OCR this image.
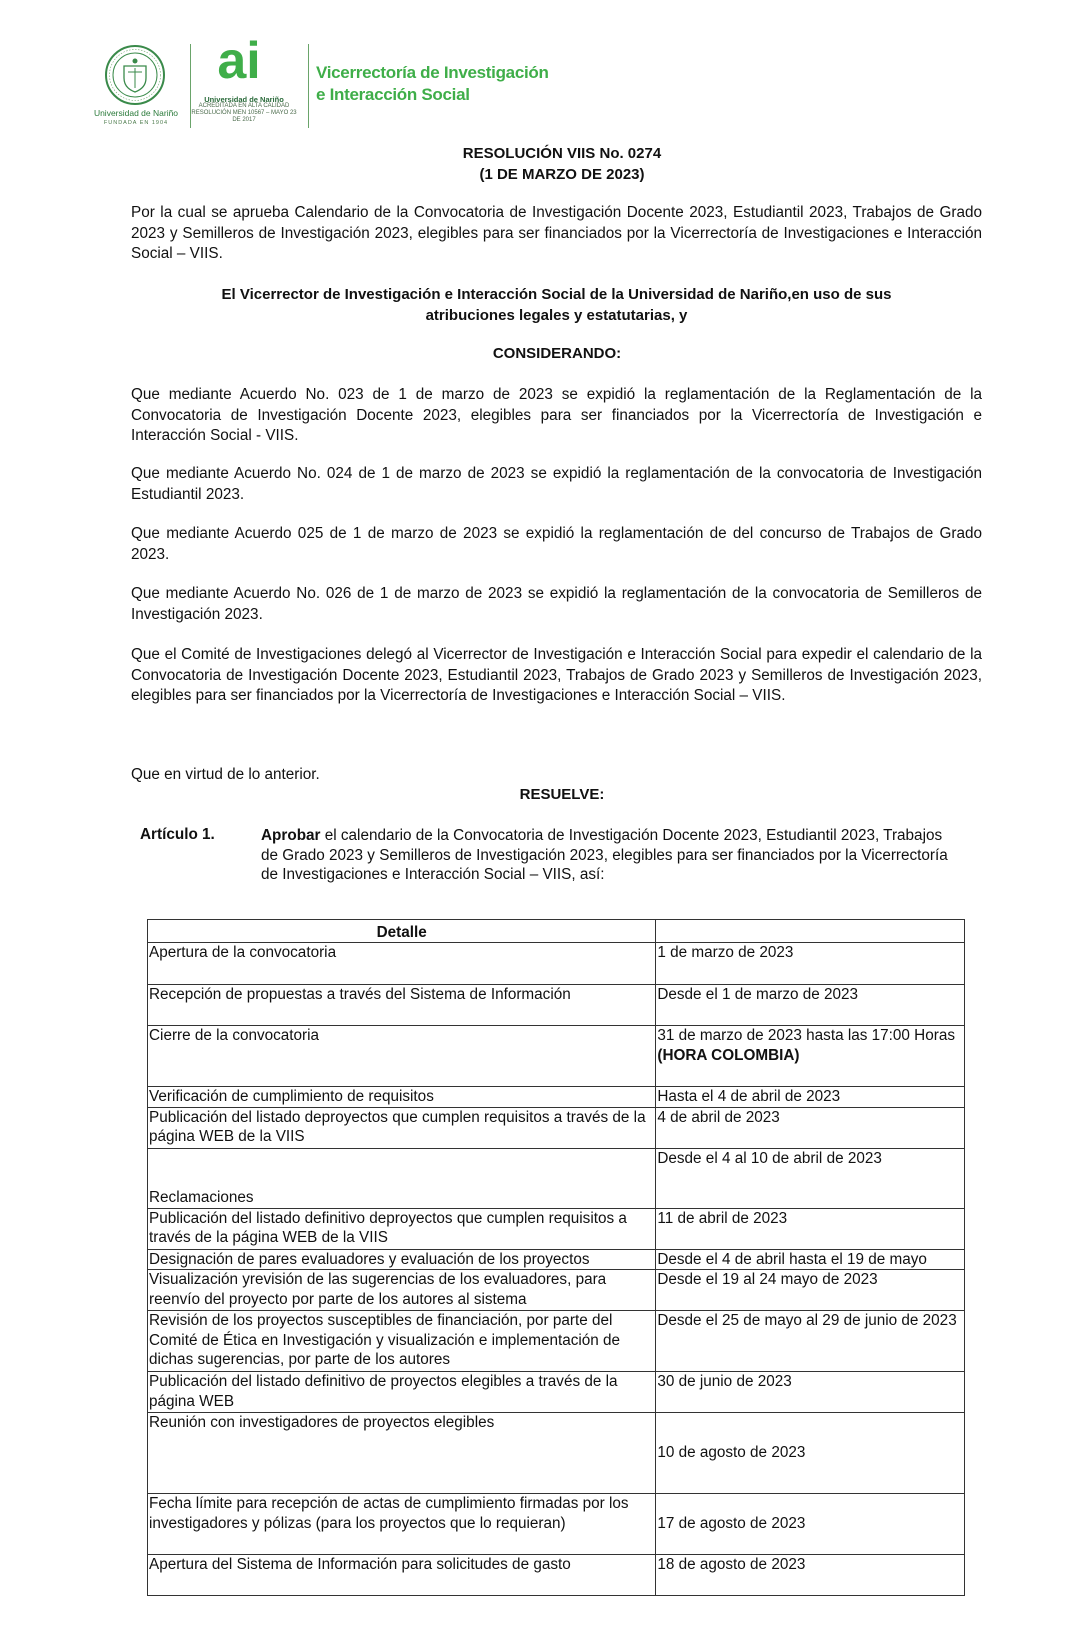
Universidad de Nariño
FUNDADA EN 1904
ai
Universidad de Nariño
ACREDITADA EN ALTA CALIDAD
RESOLUCIÓN MEN 10567 – MAYO 23 DE 2017
Vicerrectoría de Investigación
e Interacción Social
RESOLUCIÓN VIIS No. 0274
(1 DE MARZO DE 2023)
Por la cual se aprueba Calendario de la Convocatoria de Investigación Docente 2023, Estudiantil 2023, Trabajos de Grado 2023 y Semilleros de Investigación 2023, elegibles para ser financiados por la Vicerrectoría de Investigaciones e Interacción Social – VIIS.
El Vicerrector de Investigación e Interacción Social de la Universidad de Nariño,en uso de sus
atribuciones legales y estatutarias, y
CONSIDERANDO:
Que mediante Acuerdo No. 023 de 1 de marzo de 2023 se expidió la reglamentación de la Reglamentación de la Convocatoria de Investigación Docente 2023, elegibles para ser financiados por la Vicerrectoría de Investigación e Interacción Social - VIIS.
Que mediante Acuerdo No. 024 de 1 de marzo de 2023 se expidió la reglamentación de la convocatoria de Investigación Estudiantil 2023.
Que mediante Acuerdo 025 de 1 de marzo de 2023 se expidió la reglamentación de del concurso de Trabajos de Grado 2023.
Que mediante Acuerdo No. 026 de 1 de marzo de 2023 se expidió la reglamentación de la convocatoria de Semilleros de Investigación 2023.
Que el Comité de Investigaciones delegó al Vicerrector de Investigación e Interacción Social para expedir el calendario de la Convocatoria de Investigación Docente 2023, Estudiantil 2023, Trabajos de Grado 2023 y Semilleros de Investigación 2023, elegibles para ser financiados por la Vicerrectoría de Investigaciones e Interacción Social – VIIS.
Que en virtud de lo anterior.
RESUELVE:
Artículo 1.	Aprobar el calendario de la Convocatoria de Investigación Docente 2023, Estudiantil 2023, Trabajos de Grado 2023 y Semilleros de Investigación 2023, elegibles para ser financiados por la Vicerrectoría de Investigaciones e Interacción Social – VIIS, así:
Detalle	
Apertura de la convocatoria	1 de marzo de 2023
Recepción de propuestas a través del Sistema de Información	Desde el 1 de marzo de 2023
Cierre de la convocatoria	31 de marzo de 2023 hasta las 17:00 Horas (HORA COLOMBIA)
Verificación de cumplimiento de requisitos	Hasta el 4 de abril de 2023
Publicación del listado deproyectos que cumplen requisitos a través de la página WEB de la VIIS	4 de abril de 2023
Reclamaciones	Desde el 4 al 10 de abril de 2023
Publicación del listado definitivo deproyectos que cumplen requisitos a través de la página WEB de la VIIS	11 de abril de 2023
Designación de pares evaluadores y evaluación de los proyectos	Desde el 4 de abril hasta el 19 de mayo
Visualización yrevisión de las sugerencias de los evaluadores, para reenvío del proyecto por parte de los autores al sistema	Desde el 19 al 24 mayo de 2023
Revisión de los proyectos susceptibles de financiación, por parte del Comité de Ética en Investigación y visualización e implementación de dichas sugerencias, por parte de los autores	Desde el 25 de mayo al 29 de junio de 2023
Publicación del listado definitivo de proyectos elegibles a través de la página WEB	30 de junio de 2023
Reunión con investigadores de proyectos elegibles	10 de agosto de 2023
Fecha límite para recepción de actas de cumplimiento firmadas por los investigadores y pólizas (para los proyectos que lo requieran)	17 de agosto de 2023
Apertura del Sistema de Información para solicitudes de gasto	18 de agosto de 2023
